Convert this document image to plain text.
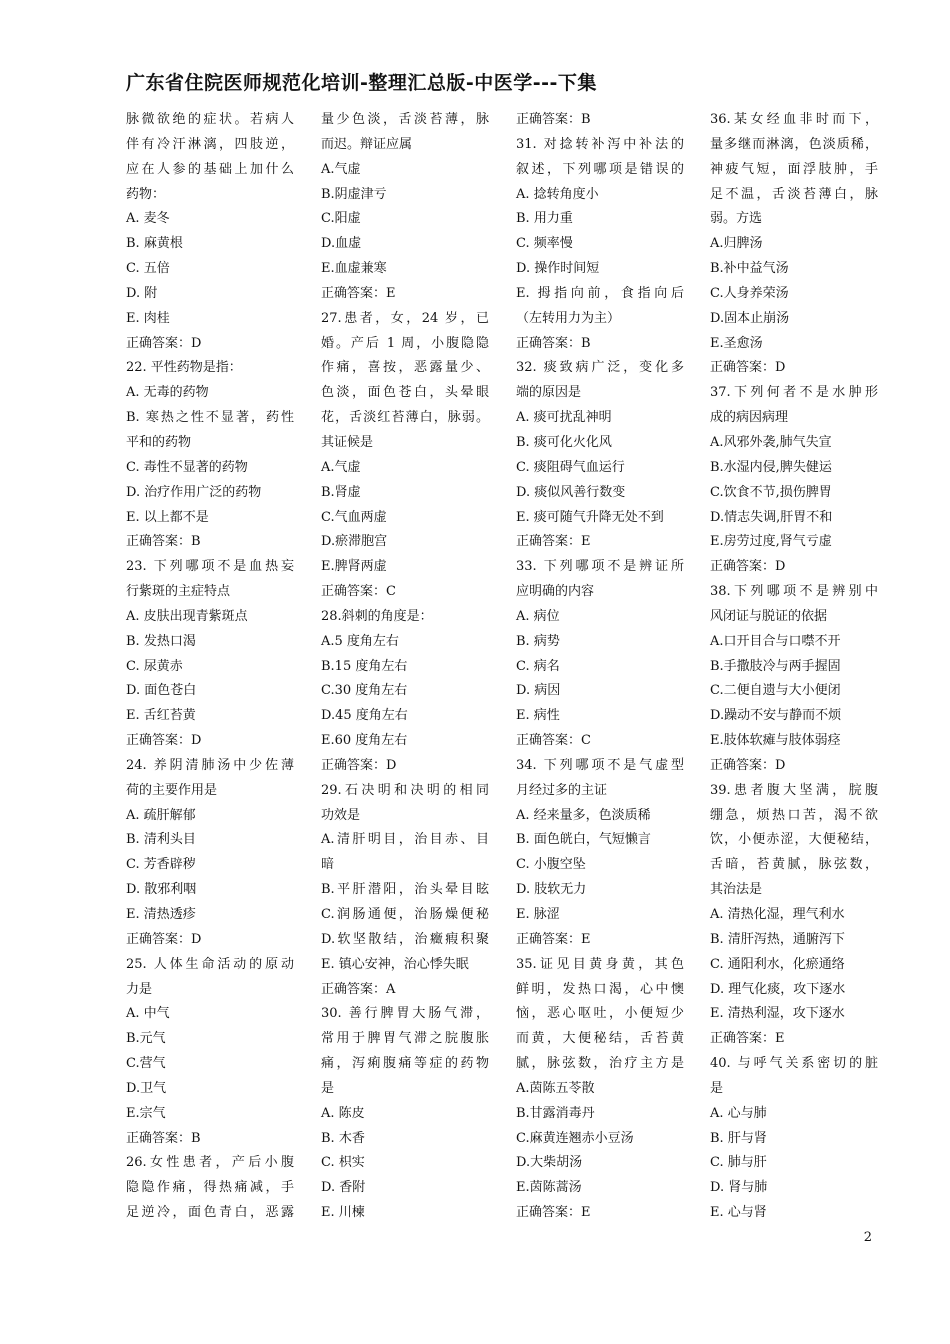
广东省住院医师规范化培训-整理汇总版-中医学---下集
脉微欲绝的症状。若病人
伴有冷汗淋漓，四肢逆，
应在人参的基础上加什么
药物：
A. 麦冬
B. 麻黄根
C. 五倍
D. 附
E. 肉桂
正确答案：D
22. 平性药物是指：
A. 无毒的药物
B. 寒热之性不显著，药性
平和的药物
C. 毒性不显著的药物
D. 治疗作用广泛的药物
E. 以上都不是
正确答案：B
23. 下列哪项不是血热妄
行紫斑的主症特点
A. 皮肤出现青紫斑点
B. 发热口渴
C. 尿黄赤
D. 面色苍白
E. 舌红苔黄
正确答案：D
24. 养阴清肺汤中少佐薄
荷的主要作用是
A. 疏肝解郁
B. 清利头目
C. 芳香辟秽
D. 散邪利咽
E. 清热透疹
正确答案：D
25. 人体生命活动的原动
力是
A. 中气
B.元气
C.营气
D.卫气
E.宗气
正确答案：B
26.女性患者，产后小腹
隐隐作痛，得热痛减，手
足逆冷，面色青白，恶露
量少色淡，舌淡苔薄，脉
而迟。辩证应属
A.气虚
B.阴虚津亏
C.阳虚
D.血虚
E.血虚兼寒
正确答案：E
27.患者，女，24 岁，已
婚。产后 1 周，小腹隐隐
作痛，喜按，恶露量少、
色淡，面色苍白，头晕眼
花，舌淡红苔薄白，脉弱。
其证候是
A.气虚
B.肾虚
C.气血两虚
D.瘀滞胞宫
E.脾肾两虚
正确答案：C
28.斜刺的角度是：
A.5 度角左右
B.15 度角左右
C.30 度角左右
D.45 度角左右
E.60 度角左右
正确答案：D
29.石决明和决明的相同
功效是
A.清肝明目，治目赤、目
暗
B.平肝潜阳，治头晕目眩
C.润肠通便，治肠燥便秘
D.软坚散结，治癥瘕积聚
E. 镇心安神，治心悸失眠
正确答案：A
30. 善行脾胃大肠气滞，
常用于脾胃气滞之脘腹胀
痛，泻痢腹痛等症的药物
是
A. 陈皮
B. 木香
C. 枳实
D. 香附
E. 川楝
正确答案：B
31. 对捻转补泻中补法的
叙述，下列哪项是错误的
A. 捻转角度小
B. 用力重
C. 频率慢
D. 操作时间短
E. 拇指向前，食指向后
（左转用力为主）
正确答案：B
32. 痰致病广泛，变化多
端的原因是
A. 痰可扰乱神明
B. 痰可化火化风
C. 痰阻碍气血运行
D. 痰似风善行数变
E. 痰可随气升降无处不到
正确答案：E
33. 下列哪项不是辨证所
应明确的内容
A. 病位
B. 病势
C. 病名
D. 病因
E. 病性
正确答案：C
34. 下列哪项不是气虚型
月经过多的主证
A. 经来量多，色淡质稀
B. 面色㿠白，气短懒言
C. 小腹空坠
D. 肢软无力
E. 脉涩
正确答案：E
35.证见目黄身黄，其色
鲜明，发热口渴，心中懊
恼，恶心呕吐，小便短少
而黄，大便秘结，舌苔黄
腻，脉弦数，治疗主方是
A.茵陈五苓散
B.甘露消毒丹
C.麻黄连翘赤小豆汤
D.大柴胡汤
E.茵陈蒿汤
正确答案：E
36.某女经血非时而下，
量多继而淋漓，色淡质稀，
神疲气短，面浮肢肿，手
足不温，舌淡苔薄白，脉
弱。方选
A.归脾汤
B.补中益气汤
C.人身养荣汤
D.固本止崩汤
E.圣愈汤
正确答案：D
37.下列何者不是水肿形
成的病因病理
A.风邪外袭,肺气失宣
B.水湿内侵,脾失健运
C.饮食不节,损伤脾胃
D.情志失调,肝胃不和
E.房劳过度,肾气亏虚
正确答案：D
38.下列哪项不是辨别中
风闭证与脱证的依据
A.口开目合与口噤不开
B.手撒肢冷与两手握固
C.二便自遗与大小便闭
D.躁动不安与静而不烦
E.肢体软瘫与肢体弱痉
正确答案：D
39.患者腹大坚满，脘腹
绷急，烦热口苦，渴不欲
饮，小便赤涩，大便秘结，
舌暗，苔黄腻，脉弦数，
其治法是
A. 清热化湿，理气利水
B. 清肝泻热，通腑泻下
C. 通阳利水，化瘀通络
D. 理气化痰，攻下逐水
E. 清热利湿，攻下逐水
正确答案：E
40. 与呼气关系密切的脏
是
A. 心与肺
B. 肝与肾
C. 肺与肝
D. 肾与肺
E. 心与肾
2
